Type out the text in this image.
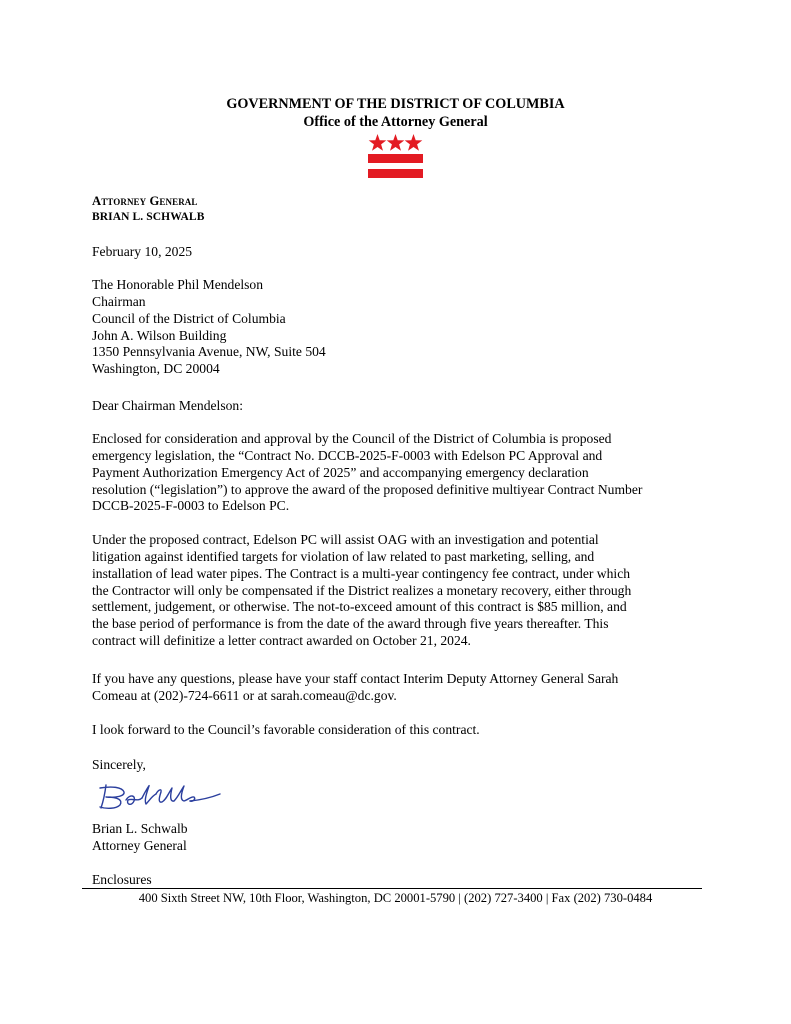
GOVERNMENT OF THE DISTRICT OF COLUMBIA
Office of the Attorney General
Attorney General
BRIAN L. SCHWALB
February 10, 2025
The Honorable Phil Mendelson
Chairman
Council of the District of Columbia
John A. Wilson Building
1350 Pennsylvania Avenue, NW, Suite 504
Washington, DC 20004
Dear Chairman Mendelson:
Enclosed for consideration and approval by the Council of the District of Columbia is proposed
emergency legislation, the “Contract No. DCCB-2025-F-0003 with Edelson PC Approval and
Payment Authorization Emergency Act of 2025” and accompanying emergency declaration
resolution (“legislation”) to approve the award of the proposed definitive multiyear Contract Number
DCCB-2025-F-0003 to Edelson PC.
Under the proposed contract, Edelson PC will assist OAG with an investigation and potential
litigation against identified targets for violation of law related to past marketing, selling, and
installation of lead water pipes. The Contract is a multi-year contingency fee contract, under which
the Contractor will only be compensated if the District realizes a monetary recovery, either through
settlement, judgement, or otherwise. The not-to-exceed amount of this contract is $85 million, and
the base period of performance is from the date of the award through five years thereafter. This
contract will definitize a letter contract awarded on October 21, 2024.
If you have any questions, please have your staff contact Interim Deputy Attorney General Sarah
Comeau at (202)-724-6611 or at sarah.comeau@dc.gov.
I look forward to the Council’s favorable consideration of this contract.
Sincerely,
Brian L. Schwalb
Attorney General
Enclosures
400 Sixth Street NW, 10th Floor, Washington, DC 20001-5790 | (202) 727-3400 | Fax (202) 730-0484
